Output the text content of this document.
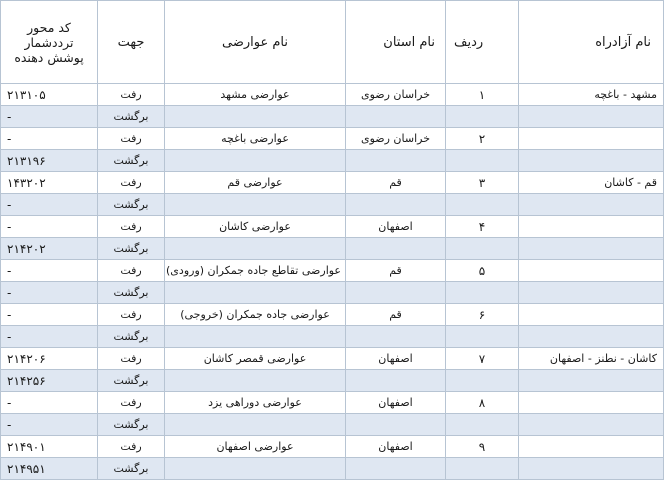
کد محور ترددشمار پوشش دهنده	جهت	نام عوارضی	نام استان	ردیف	نام آزادراه
۲۱۳۱۰۵	رفت	عوارضی مشهد	خراسان رضوی	۱	مشهد - باغچه
-	برگشت				
-	رفت	عوارضی باغچه	خراسان رضوی	۲	
۲۱۳۱۹۶	برگشت				
۱۴۳۲۰۲	رفت	عوارضی قم	قم	۳	قم - کاشان
-	برگشت				
-	رفت	عوارضی کاشان	اصفهان	۴	
۲۱۴۲۰۲	برگشت				
-	رفت	عوارضی تقاطع جاده جمکران (ورودی)	قم	۵	
-	برگشت				
-	رفت	عوارضی جاده جمکران (خروجی)	قم	۶	
-	برگشت				
۲۱۴۲۰۶	رفت	عوارضی قمصر کاشان	اصفهان	۷	کاشان - نطنز - اصفهان
۲۱۴۲۵۶	برگشت				
-	رفت	عوارضی دوراهی یزد	اصفهان	۸	
-	برگشت				
۲۱۴۹۰۱	رفت	عوارضی اصفهان	اصفهان	۹	
۲۱۴۹۵۱	برگشت				
